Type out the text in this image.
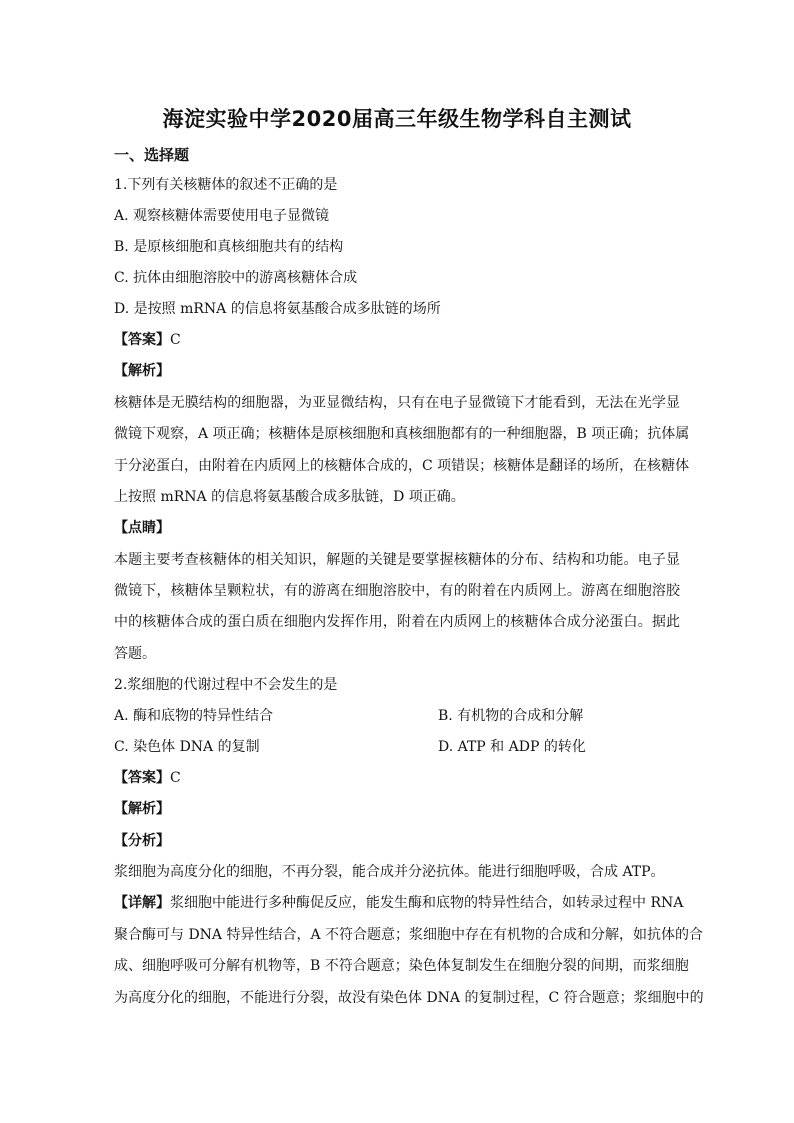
海淀实验中学2020届高三年级生物学科自主测试
一、选择题
1.下列有关核糖体的叙述不正确的是
A. 观察核糖体需要使用电子显微镜
B. 是原核细胞和真核细胞共有的结构
C. 抗体由细胞溶胶中的游离核糖体合成
D. 是按照 mRNA 的信息将氨基酸合成多肽链的场所
【答案】C
【解析】
核糖体是无膜结构的细胞器，为亚显微结构，只有在电子显微镜下才能看到，无法在光学显
微镜下观察，A 项正确；核糖体是原核细胞和真核细胞都有的一种细胞器，B 项正确；抗体属
于分泌蛋白，由附着在内质网上的核糖体合成的，C 项错误；核糖体是翻译的场所，在核糖体
上按照 mRNA 的信息将氨基酸合成多肽链，D 项正确。
【点睛】
本题主要考查核糖体的相关知识，解题的关键是要掌握核糖体的分布、结构和功能。电子显
微镜下，核糖体呈颗粒状，有的游离在细胞溶胶中，有的附着在内质网上。游离在细胞溶胶
中的核糖体合成的蛋白质在细胞内发挥作用，附着在内质网上的核糖体合成分泌蛋白。据此
答题。
2.浆细胞的代谢过程中不会发生的是
A. 酶和底物的特异性结合	B. 有机物的合成和分解
C. 染色体 DNA 的复制	D. ATP 和 ADP 的转化
【答案】C
【解析】
【分析】
浆细胞为高度分化的细胞，不再分裂，能合成并分泌抗体。能进行细胞呼吸，合成 ATP。
【详解】浆细胞中能进行多种酶促反应，能发生酶和底物的特异性结合，如转录过程中 RNA
聚合酶可与 DNA 特异性结合，A 不符合题意；浆细胞中存在有机物的合成和分解，如抗体的合
成、细胞呼吸可分解有机物等，B 不符合题意；染色体复制发生在细胞分裂的间期，而浆细胞
为高度分化的细胞，不能进行分裂，故没有染色体 DNA 的复制过程，C 符合题意；浆细胞中的
